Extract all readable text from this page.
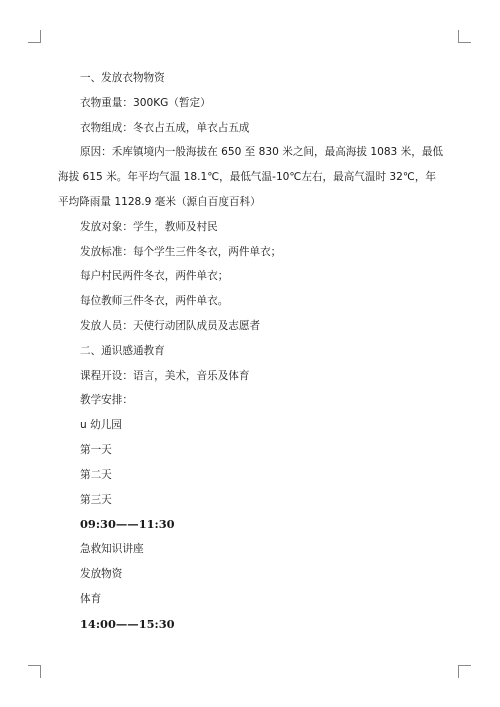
一、发放衣物物资
衣物重量：300KG（暂定）
衣物组成：冬衣占五成，单衣占五成
原因：禾库镇境内一般海拔在 650 至 830 米之间，最高海拔 1083 米，最低海拔 615 米。年平均气温 18.1℃，最低气温-10℃左右，最高气温时 32℃，年平均降雨量 1128.9 毫米（源自百度百科）
发放对象：学生，教师及村民
发放标准：每个学生三件冬衣，两件单衣；
每户村民两件冬衣，两件单衣；
每位教师三件冬衣，两件单衣。
发放人员：天使行动团队成员及志愿者
二、通识感通教育
课程开设：语言，美术，音乐及体育
教学安排：
u 幼儿园
第一天
第二天
第三天
09:30——11:30
急救知识讲座
发放物资
体育
14:00——15:30
